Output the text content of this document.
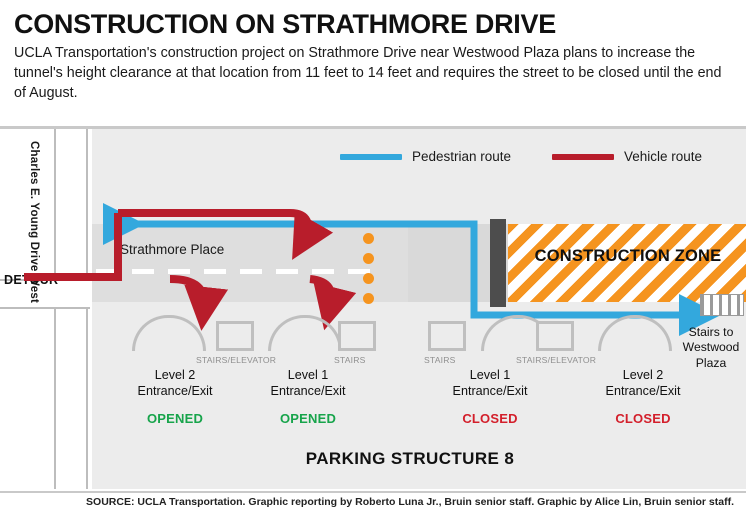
CONSTRUCTION ON STRATHMORE DRIVE

UCLA Transportation's construction project on Strathmore Drive near Westwood Plaza plans to increase the tunnel's height clearance at that location from 11 feet to 14 feet and requires the street to be closed until the end of August.

CONSTRUCTION ZONE
Charles E. Young Drive West
DETOUR
Pedestrian route	Vehicle route
Strathmore Place
STAIRS/ELEVATOR	STAIRS	STAIRS	STAIRS/ELEVATOR
Stairs to Westwood Plaza
Level 2
Entrance/Exit
OPENED
Level 1
Entrance/Exit
OPENED
Level 1
Entrance/Exit
CLOSED
Level 2
Entrance/Exit
CLOSED
PARKING STRUCTURE 8
SOURCE: UCLA Transportation. Graphic reporting by Roberto Luna Jr., Bruin senior staff. Graphic by Alice Lin, Bruin senior staff.
